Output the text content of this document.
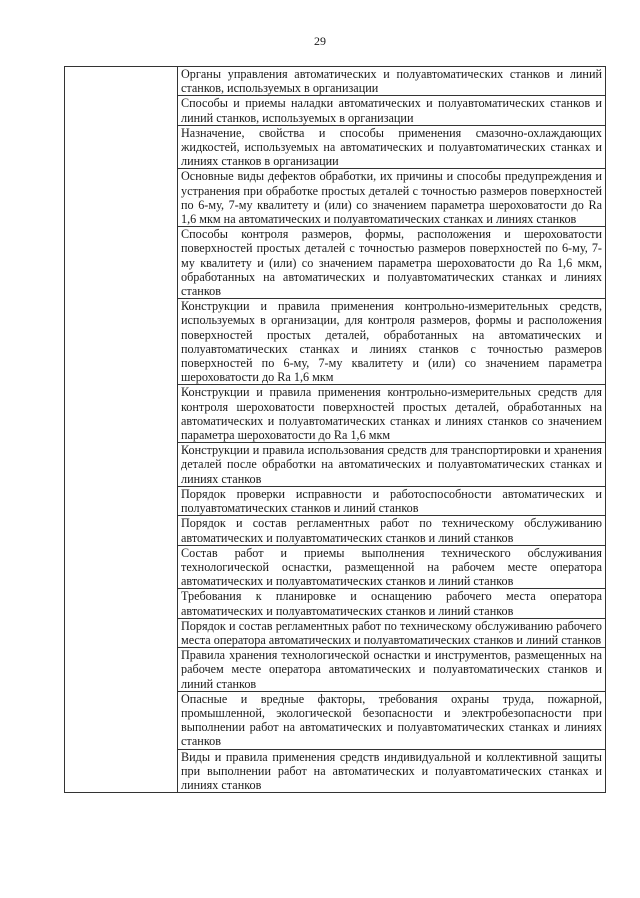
29
	Органы управления автоматических и полуавтоматических станков и линий станков, используемых в организации
Способы и приемы наладки автоматических и полуавтоматических станков и линий станков, используемых в организации
Назначение, свойства и способы применения смазочно-охлаждающих жидкостей, используемых на автоматических и полуавтоматических станках и линиях станков в организации
Основные виды дефектов обработки, их причины и способы предупреждения и устранения при обработке простых деталей с точностью размеров поверхностей по 6-му, 7-му квалитету и (или) со значением параметра шероховатости до Ra 1,6 мкм на автоматических и полуавтоматических станках и линиях станков
Способы контроля размеров, формы, расположения и шероховатости поверхностей простых деталей с точностью размеров поверхностей по 6-му, 7-му квалитету и (или) со значением параметра шероховатости до Ra 1,6 мкм, обработанных на автоматических и полуавтоматических станках и линиях станков
Конструкции и правила применения контрольно-измерительных средств, используемых в организации, для контроля размеров, формы и расположения поверхностей простых деталей, обработанных на автоматических и полуавтоматических станках и линиях станков с точностью размеров поверхностей по 6-му, 7-му квалитету и (или) со значением параметра шероховатости до Ra 1,6 мкм
Конструкции и правила применения контрольно-измерительных средств для контроля шероховатости поверхностей простых деталей, обработанных на автоматических и полуавтоматических станках и линиях станков со значением параметра шероховатости до Ra 1,6 мкм
Конструкции и правила использования средств для транспортировки и хранения деталей после обработки на автоматических и полуавтоматических станках и линиях станков
Порядок проверки исправности и работоспособности автоматических и полуавтоматических станков и линий станков
Порядок и состав регламентных работ по техническому обслуживанию автоматических и полуавтоматических станков и линий станков
Состав работ и приемы выполнения технического обслуживания технологической оснастки, размещенной на рабочем месте оператора автоматических и полуавтоматических станков и линий станков
Требования к планировке и оснащению рабочего места оператора автоматических и полуавтоматических станков и линий станков
Порядок и состав регламентных работ по техническому обслуживанию рабочего места оператора автоматических и полуавтоматических станков и линий станков
Правила хранения технологической оснастки и инструментов, размещенных на рабочем месте оператора автоматических и полуавтоматических станков и линий станков
Опасные и вредные факторы, требования охраны труда, пожарной, промышленной, экологической безопасности и электробезопасности при выполнении работ на автоматических и полуавтоматических станках и линиях станков
Виды и правила применения средств индивидуальной и коллективной защиты при выполнении работ на автоматических и полуавтоматических станках и линиях станков
